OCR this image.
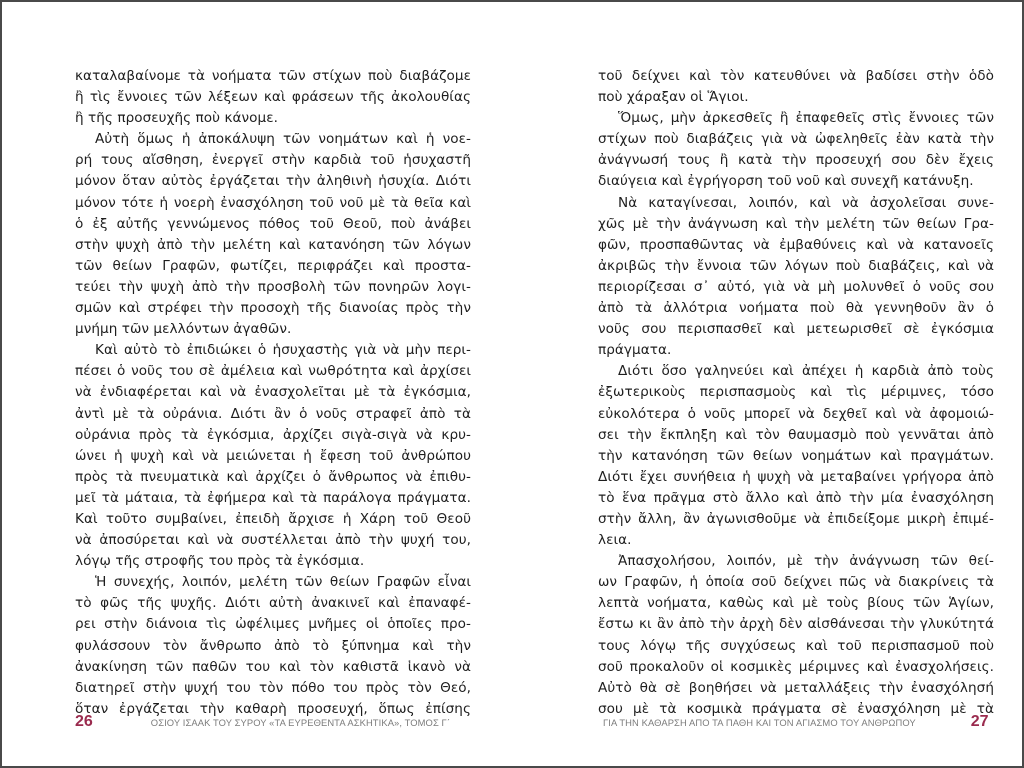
καταλαβαίνομε τὰ νοήματα τῶν στίχων ποὺ διαβάζομε
ἢ τὶς ἔννοιες τῶν λέξεων καὶ φράσεων τῆς ἀκολουθίας
ἢ τῆς προσευχῆς ποὺ κάνομε.

Αὐτὴ ὅμως ἡ ἀποκάλυψη τῶν νοημάτων καὶ ἡ νοε-
ρή τους αἴσθηση, ἐνεργεῖ στὴν καρδιὰ τοῦ ἡσυχαστῆ
μόνον ὅταν αὐτὸς ἐργάζεται τὴν ἀληθινὴ ἡσυχία. Διότι
μόνον τότε ἡ νοερὴ ἐνασχόληση τοῦ νοῦ μὲ τὰ θεῖα καὶ
ὁ ἐξ αὐτῆς γεννώμενος πόθος τοῦ Θεοῦ, ποὺ ἀνάβει
στὴν ψυχὴ ἀπὸ τὴν μελέτη καὶ κατανόηση τῶν λόγων
τῶν θείων Γραφῶν, φωτίζει, περιφράζει καὶ προστα-
τεύει τὴν ψυχὴ ἀπὸ τὴν προσβολὴ τῶν πονηρῶν λογι-
σμῶν καὶ στρέφει τὴν προσοχὴ τῆς διανοίας πρὸς τὴν
μνήμη τῶν μελλόντων ἀγαθῶν.

Καὶ αὐτὸ τὸ ἐπιδιώκει ὁ ἡσυχαστὴς γιὰ νὰ μὴν περι-
πέσει ὁ νοῦς του σὲ ἀμέλεια καὶ νωθρότητα καὶ ἀρχίσει
νὰ ἐνδιαφέρεται καὶ νὰ ἐνασχολεῖται μὲ τὰ ἐγκόσμια,
ἀντὶ μὲ τὰ οὐράνια. Διότι ἂν ὁ νοῦς στραφεῖ ἀπὸ τὰ
οὐράνια πρὸς τὰ ἐγκόσμια, ἀρχίζει σιγὰ-σιγὰ νὰ κρυ-
ώνει ἡ ψυχὴ καὶ νὰ μειώνεται ἡ ἔφεση τοῦ ἀνθρώπου
πρὸς τὰ πνευματικὰ καὶ ἀρχίζει ὁ ἄνθρωπος νὰ ἐπιθυ-
μεῖ τὰ μάταια, τὰ ἐφήμερα καὶ τὰ παράλογα πράγματα.
Καὶ τοῦτο συμβαίνει, ἐπειδὴ ἄρχισε ἡ Χάρη τοῦ Θεοῦ
νὰ ἀποσύρεται καὶ νὰ συστέλλεται ἀπὸ τὴν ψυχή του,
λόγῳ τῆς στροφῆς του πρὸς τὰ ἐγκόσμια.

Ἡ συνεχής, λοιπόν, μελέτη τῶν θείων Γραφῶν εἶναι
τὸ φῶς τῆς ψυχῆς. Διότι αὐτὴ ἀνακινεῖ καὶ ἐπαναφέ-
ρει στὴν διάνοια τὶς ὠφέλιμες μνῆμες οἱ ὁποῖες προ-
φυλάσσουν τὸν ἄνθρωπο ἀπὸ τὸ ξύπνημα καὶ τὴν
ἀνακίνηση τῶν παθῶν του καὶ τὸν καθιστᾶ ἱκανὸ νὰ
διατηρεῖ στὴν ψυχή του τὸν πόθο του πρὸς τὸν Θεό,
ὅταν ἐργάζεται τὴν καθαρὴ προσευχή, ὅπως ἐπίσης

τοῦ δείχνει καὶ τὸν κατευθύνει νὰ βαδίσει στὴν ὁδὸ
ποὺ χάραξαν οἱ Ἅγιοι.

Ὅμως, μὴν ἀρκεσθεῖς ἢ ἐπαφεθεῖς στὶς ἔννοιες τῶν
στίχων ποὺ διαβάζεις γιὰ νὰ ὠφεληθεῖς ἐὰν κατὰ τὴν
ἀνάγνωσή τους ἢ κατὰ τὴν προσευχή σου δὲν ἔχεις
διαύγεια καὶ ἐγρήγορση τοῦ νοῦ καὶ συνεχῆ κατάνυξη.

Νὰ καταγίνεσαι, λοιπόν, καὶ νὰ ἀσχολεῖσαι συνε-
χῶς μὲ τὴν ἀνάγνωση καὶ τὴν μελέτη τῶν θείων Γρα-
φῶν, προσπαθῶντας νὰ ἐμβαθύνεις καὶ νὰ κατανοεῖς
ἀκριβῶς τὴν ἔννοια τῶν λόγων ποὺ διαβάζεις, καὶ νὰ
περιορίζεσαι σ᾽ αὐτό, γιὰ νὰ μὴ μολυνθεῖ ὁ νοῦς σου
ἀπὸ τὰ ἀλλότρια νοήματα ποὺ θὰ γεννηθοῦν ἂν ὁ
νοῦς σου περισπασθεῖ καὶ μετεωρισθεῖ σὲ ἐγκόσμια
πράγματα.

Διότι ὅσο γαληνεύει καὶ ἀπέχει ἡ καρδιὰ ἀπὸ τοὺς
ἐξωτερικοὺς περισπασμοὺς καὶ τὶς μέριμνες, τόσο
εὐκολότερα ὁ νοῦς μπορεῖ νὰ δεχθεῖ καὶ νὰ ἀφομοιώ-
σει τὴν ἔκπληξη καὶ τὸν θαυμασμὸ ποὺ γεννᾶται ἀπὸ
τὴν κατανόηση τῶν θείων νοημάτων καὶ πραγμάτων.
Διότι ἔχει συνήθεια ἡ ψυχὴ νὰ μεταβαίνει γρήγορα ἀπὸ
τὸ ἕνα πρᾶγμα στὸ ἄλλο καὶ ἀπὸ τὴν μία ἐνασχόληση
στὴν ἄλλη, ἂν ἀγωνισθοῦμε νὰ ἐπιδείξομε μικρὴ ἐπιμέ-
λεια.

Ἀπασχολήσου, λοιπόν, μὲ τὴν ἀνάγνωση τῶν θεί-
ων Γραφῶν, ἡ ὁποία σοῦ δείχνει πῶς νὰ διακρίνεις τὰ
λεπτὰ νοήματα, καθὼς καὶ μὲ τοὺς βίους τῶν Ἁγίων,
ἔστω κι ἂν ἀπὸ τὴν ἀρχὴ δὲν αἰσθάνεσαι τὴν γλυκύτητά
τους λόγῳ τῆς συγχύσεως καὶ τοῦ περισπασμοῦ ποὺ
σοῦ προκαλοῦν οἱ κοσμικὲς μέριμνες καὶ ἐνασχολήσεις.
Αὐτὸ θὰ σὲ βοηθήσει νὰ μεταλλάξεις τὴν ἐνασχόλησή
σου μὲ τὰ κοσμικὰ πράγματα σὲ ἐνασχόληση μὲ τὰ

26	ΟΣΙΟΥ ΙΣΑΑΚ ΤΟΥ ΣΥΡΟΥ «ΤΑ ΕΥΡΕΘΕΝΤΑ ΑΣΚΗΤΙΚΑ», ΤΟΜΟΣ Γ΄	ΓΙΑ ΤΗΝ ΚΑΘΑΡΣΗ ΑΠΟ ΤΑ ΠΑΘΗ ΚΑΙ ΤΟΝ ΑΓΙΑΣΜΟ ΤΟΥ ΑΝΘΡΩΠΟΥ	27
